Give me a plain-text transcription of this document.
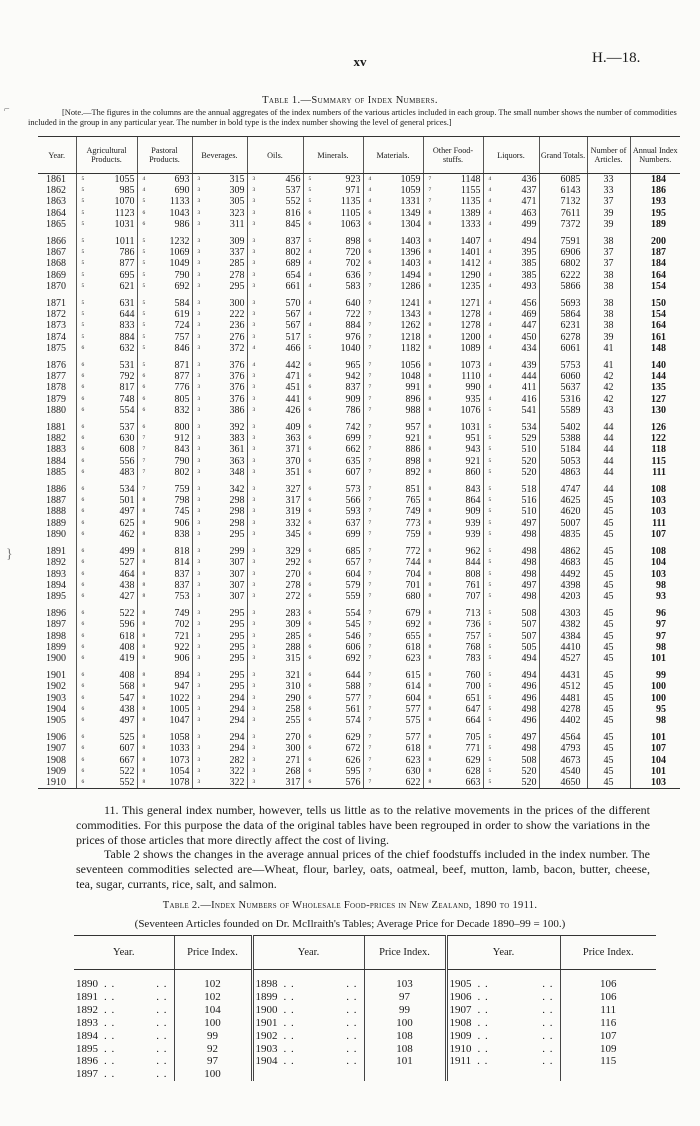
xv	H.—18.
⌐
}
Table 1.—Summary of Index Numbers.
[Note.—The figures in the columns are the annual aggregates of the index numbers of the various articles included in each group. The small number shows the number of commodities included in the group in any particular year. The number in bold type is the index number showing the level of general prices.]
Year.	Agricultural Products.	Pastoral Products.	Beverages.	Oils.	Minerals.	Materials.	Other Food-stuffs.	Liquors.	Grand Totals.	Number of Articles.	Annual Index Numbers.
1861	5 1055	4 693	3 315	3 456	5 923	4 1059	7 1148	4 436	6085	33	184
1862	5 985	4 690	3 309	3 537	5 971	4 1059	7 1155	4 437	6143	33	186
1863	5 1070	5 1133	3 305	3 552	5 1135	4 1331	7 1135	4 471	7132	37	193
1864	5 1123	6 1043	3 323	3 816	6 1105	6 1349	8 1389	4 463	7611	39	195
1865	5 1031	6 986	3 311	3 845	6 1063	6 1304	8 1333	4 499	7372	39	189

1866	5 1011	5 1232	3 309	3 837	5 898	6 1403	8 1407	4 494	7591	38	200
1867	5 786	5 1069	3 337	3 802	4 720	6 1396	8 1401	4 395	6906	37	187
1868	5 877	5 1049	3 285	3 689	4 702	6 1403	8 1412	4 385	6802	37	184
1869	5 695	5 790	3 278	3 654	4 636	7 1494	8 1290	4 385	6222	38	164
1870	5 621	5 692	3 295	3 661	4 583	7 1286	8 1235	4 493	5866	38	154

1871	5 631	5 584	3 300	3 570	4 640	7 1241	8 1271	4 456	5693	38	150
1872	5 644	5 619	3 222	3 567	4 722	7 1343	8 1278	4 469	5864	38	154
1873	5 833	5 724	3 236	3 567	4 884	7 1262	8 1278	4 447	6231	38	164
1874	5 884	5 757	3 276	3 517	5 976	7 1218	8 1200	4 450	6278	39	161
1875	6 632	5 846	3 372	4 466	5 1040	7 1182	8 1089	4 434	6061	41	148

1876	6 531	5 871	3 376	4 442	6 965	7 1056	8 1073	4 439	5753	41	140
1877	6 792	6 877	3 376	3 471	6 942	7 1048	8 1110	4 444	6060	42	144
1878	6 817	6 776	3 376	3 451	6 837	7 991	8 990	4 411	5637	42	135
1879	6 748	6 805	3 376	3 441	6 909	7 896	8 935	4 416	5316	42	127
1880	6 554	6 832	3 386	3 426	6 786	7 988	8 1076	5 541	5589	43	130

1881	6 537	6 800	3 392	3 409	6 742	7 957	8 1031	5 534	5402	44	126
1882	6 630	7 912	3 383	3 363	6 699	7 921	8 951	5 529	5388	44	122
1883	6 608	7 843	3 361	3 371	6 662	7 886	8 943	5 510	5184	44	118
1884	6 556	7 790	3 363	3 370	6 635	7 898	8 921	5 520	5053	44	115
1885	6 483	7 802	3 348	3 351	6 607	7 892	8 860	5 520	4863	44	111

1886	6 534	7 759	3 342	3 327	6 573	7 851	8 843	5 518	4747	44	108
1887	6 501	8 798	3 298	3 317	6 566	7 765	8 864	5 516	4625	45	103
1888	6 497	8 745	3 298	3 319	6 593	7 749	8 909	5 510	4620	45	103
1889	6 625	8 906	3 298	3 332	6 637	7 773	8 939	5 497	5007	45	111
1890	6 462	8 838	3 295	3 345	6 699	7 759	8 939	5 498	4835	45	107

1891	6 499	8 818	3 299	3 329	6 685	7 772	8 962	5 498	4862	45	108
1892	6 527	8 814	3 307	3 292	6 657	7 744	8 844	5 498	4683	45	104
1893	6 464	8 837	3 307	3 270	6 604	7 704	8 808	5 498	4492	45	103
1894	6 438	8 837	3 307	3 278	6 579	7 701	8 761	5 497	4398	45	98
1895	6 427	8 753	3 307	3 272	6 559	7 680	8 707	5 498	4203	45	93

1896	6 522	8 749	3 295	3 283	6 554	7 679	8 713	5 508	4303	45	96
1897	6 596	8 702	3 295	3 309	6 545	7 692	8 736	5 507	4382	45	97
1898	6 618	8 721	3 295	3 285	6 546	7 655	8 757	5 507	4384	45	97
1899	6 408	8 922	3 295	3 288	6 606	7 618	8 768	5 505	4410	45	98
1900	6 419	8 906	3 295	3 315	6 692	7 623	8 783	5 494	4527	45	101

1901	6 408	8 894	3 295	3 321	6 644	7 615	8 760	5 494	4431	45	99
1902	6 568	8 947	3 295	3 310	6 588	7 614	8 700	5 496	4512	45	100
1903	6 547	8 1022	3 294	3 290	6 577	7 604	8 651	5 496	4481	45	100
1904	6 438	8 1005	3 294	3 258	6 561	7 577	8 647	5 498	4278	45	95
1905	6 497	8 1047	3 294	3 255	6 574	7 575	8 664	5 496	4402	45	98

1906	6 525	8 1058	3 294	3 270	6 629	7 577	8 705	5 497	4564	45	101
1907	6 607	8 1033	3 294	3 300	6 672	7 618	8 771	5 498	4793	45	107
1908	6 667	8 1073	3 282	3 271	6 626	7 623	8 629	5 508	4673	45	104
1909	6 522	8 1054	3 322	3 268	6 595	7 630	8 628	5 520	4540	45	101
1910	6 552	8 1078	3 322	3 317	6 576	7 622	8 663	5 520	4650	45	103

11. This general index number, however, tells us little as to the relative movements in the prices of the different commodities. For this purpose the data of the original tables have been regrouped in order to show the variations in the prices of those articles that more directly affect the cost of living.

Table 2 shows the changes in the average annual prices of the chief foodstuffs included in the index number. The seventeen commodities selected are—Wheat, flour, barley, oats, oatmeal, beef, mutton, lamb, bacon, butter, cheese, tea, sugar, currants, rice, salt, and salmon.

Table 2.—Index Numbers of Wholesale Food-prices in New Zealand, 1890 to 1911.
(Seventeen Articles founded on Dr. McIlraith's Tables; Average Price for Decade 1890–99 = 100.)
Year.	Price Index.	Year.	Price Index.	Year.	Price Index.

1890 . . . .	102	1898 . . . .	103	1905 . . . .	106
1891 . . . .	102	1899 . . . .	97	1906 . . . .	106
1892 . . . .	104	1900 . . . .	99	1907 . . . .	111
1893 . . . .	100	1901 . . . .	100	1908 . . . .	116
1894 . . . .	99	1902 . . . .	108	1909 . . . .	107
1895 . . . .	92	1903 . . . .	108	1910 . . . .	109
1896 . . . .	97	1904 . . . .	101	1911 . . . .	115
1897 . . . .	100				
